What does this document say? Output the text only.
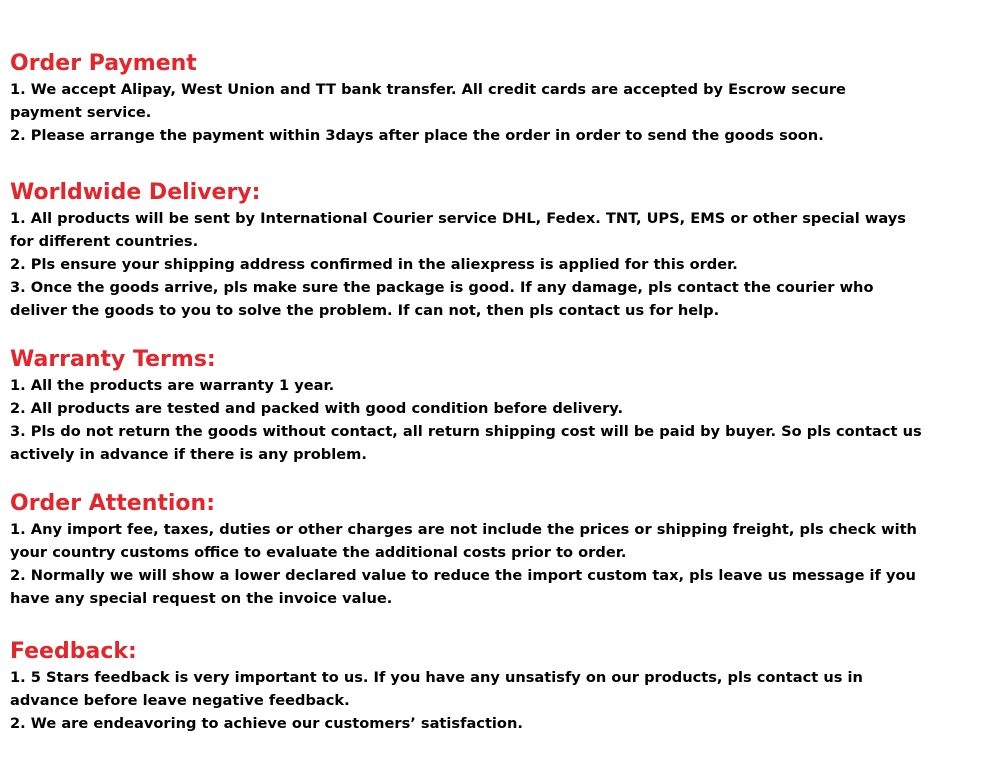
Order Payment
1. We accept Alipay, West Union and TT bank transfer. All credit cards are accepted by Escrow secure
payment service.
2. Please arrange the payment within 3days after place the order in order to send the goods soon.
Worldwide Delivery:
1. All products will be sent by International Courier service DHL, Fedex. TNT, UPS, EMS or other special ways
for different countries.
2. Pls ensure your shipping address confirmed in the aliexpress is applied for this order.
3. Once the goods arrive, pls make sure the package is good. If any damage, pls contact the courier who
deliver the goods to you to solve the problem. If can not, then pls contact us for help.
Warranty Terms:
1. All the products are warranty 1 year.
2. All products are tested and packed with good condition before delivery.
3. Pls do not return the goods without contact, all return shipping cost will be paid by buyer. So pls contact us
actively in advance if there is any problem.
Order Attention:
1. Any import fee, taxes, duties or other charges are not include the prices or shipping freight, pls check with
your country customs office to evaluate the additional costs prior to order.
2. Normally we will show a lower declared value to reduce the import custom tax, pls leave us message if you
have any special request on the invoice value.
Feedback:
1. 5 Stars feedback is very important to us. If you have any unsatisfy on our products, pls contact us in
advance before leave negative feedback.
2. We are endeavoring to achieve our customers’ satisfaction.
